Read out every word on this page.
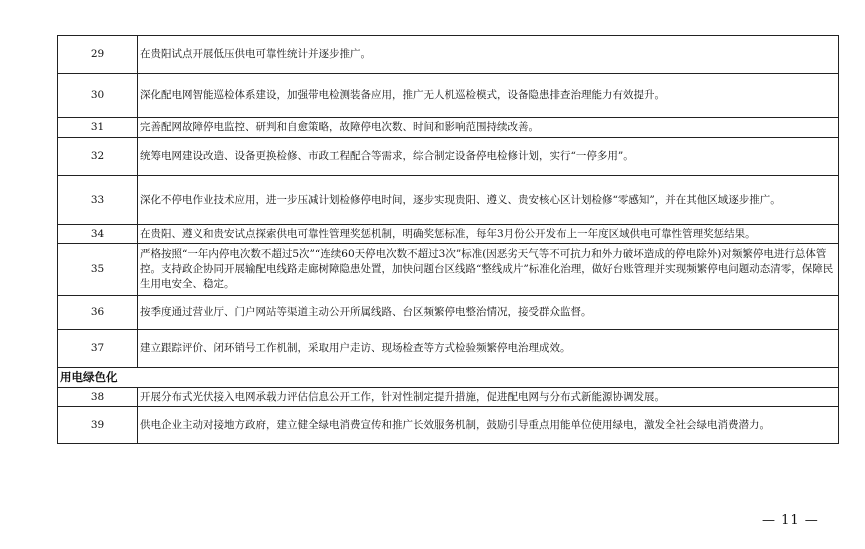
29	在贵阳试点开展低压供电可靠性统计并逐步推广。
30	深化配电网智能巡检体系建设，加强带电检测装备应用，推广无人机巡检模式，设备隐患排查治理能力有效提升。
31	完善配网故障停电监控、研判和自愈策略，故障停电次数、时间和影响范围持续改善。
32	统筹电网建设改造、设备更换检修、市政工程配合等需求，综合制定设备停电检修计划，实行“一停多用”。
33	深化不停电作业技术应用，进一步压减计划检修停电时间，逐步实现贵阳、遵义、贵安核心区计划检修“零感知”，并在其他区域逐步推广。
34	在贵阳、遵义和贵安试点探索供电可靠性管理奖惩机制，明确奖惩标准，每年3月份公开发布上一年度区域供电可靠性管理奖惩结果。
35	严格按照“一年内停电次数不超过5次”“连续60天停电次数不超过3次”标准(因恶劣天气等不可抗力和外力破坏造成的停电除外)对频繁停电进行总体管控。支持政企协同开展输配电线路走廊树障隐患处置，加快问题台区线路“整线成片”标准化治理，做好台账管理并实现频繁停电问题动态清零，保障民生用电安全、稳定。
36	按季度通过营业厅、门户网站等渠道主动公开所属线路、台区频繁停电整治情况，接受群众监督。
37	建立跟踪评价、闭环销号工作机制，采取用户走访、现场检查等方式检验频繁停电治理成效。
用电绿色化	
38	开展分布式光伏接入电网承载力评估信息公开工作，针对性制定提升措施，促进配电网与分布式新能源协调发展。
39	供电企业主动对接地方政府，建立健全绿电消费宣传和推广长效服务机制，鼓励引导重点用能单位使用绿电，激发全社会绿电消费潜力。
— 11 —
